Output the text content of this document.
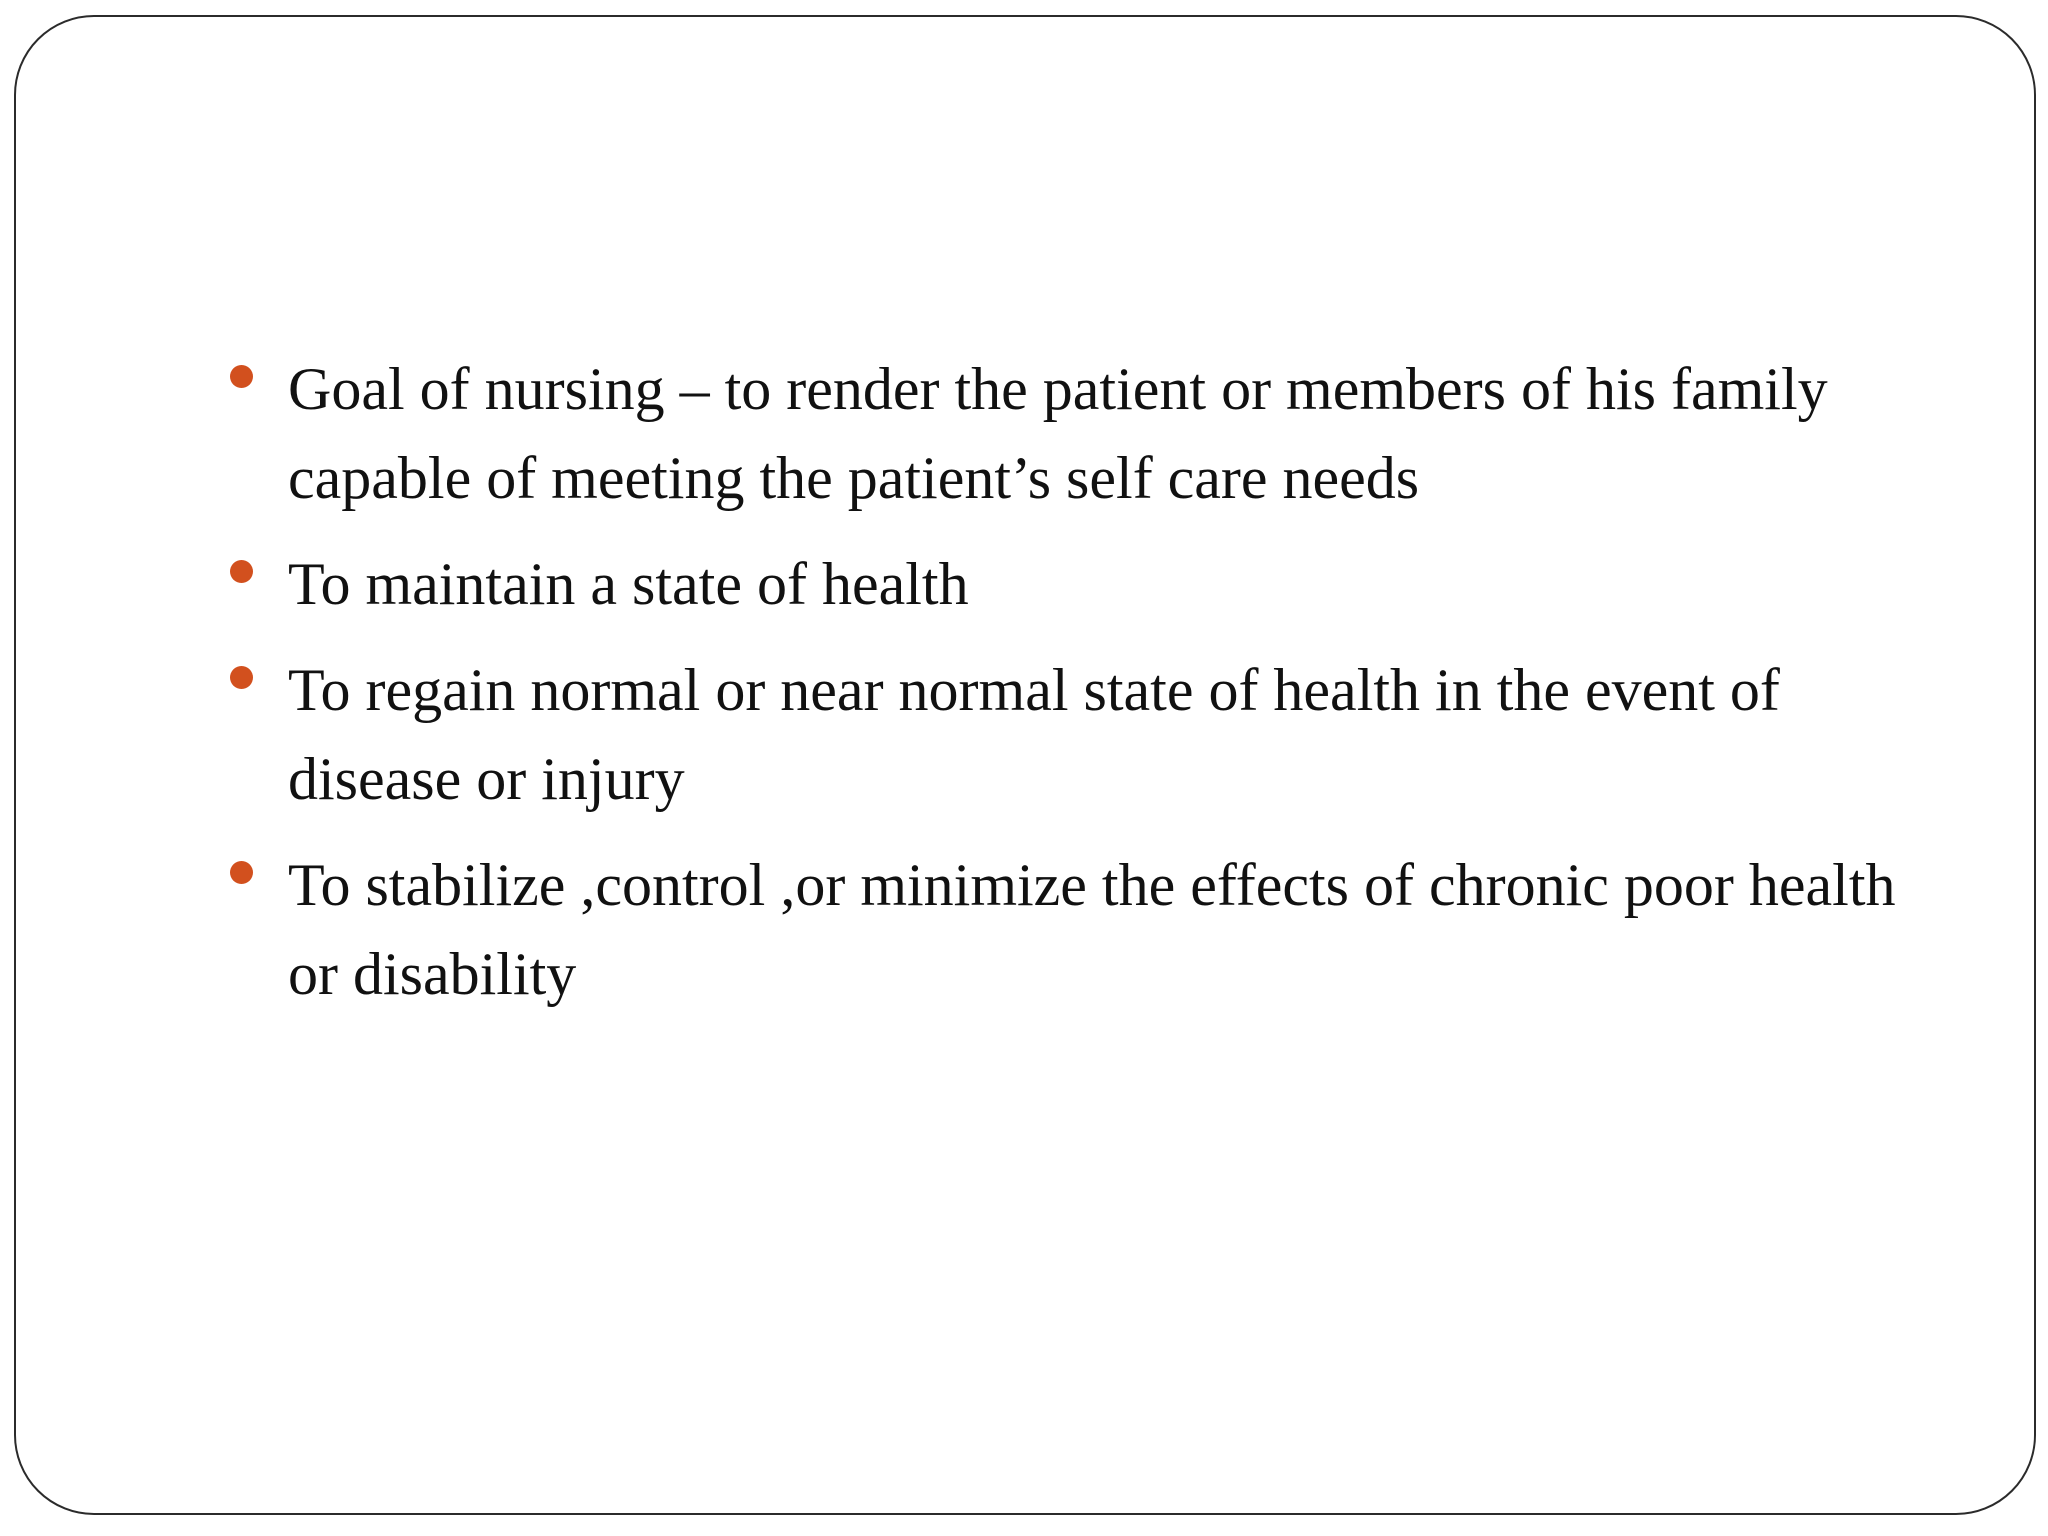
Goal of nursing – to render the patient or members of his family capable of meeting the patient’s self care needs
To maintain a state of health
To regain normal or near normal state of health in the event of disease or injury
To stabilize ,control ,or minimize the effects of chronic poor health or disability
